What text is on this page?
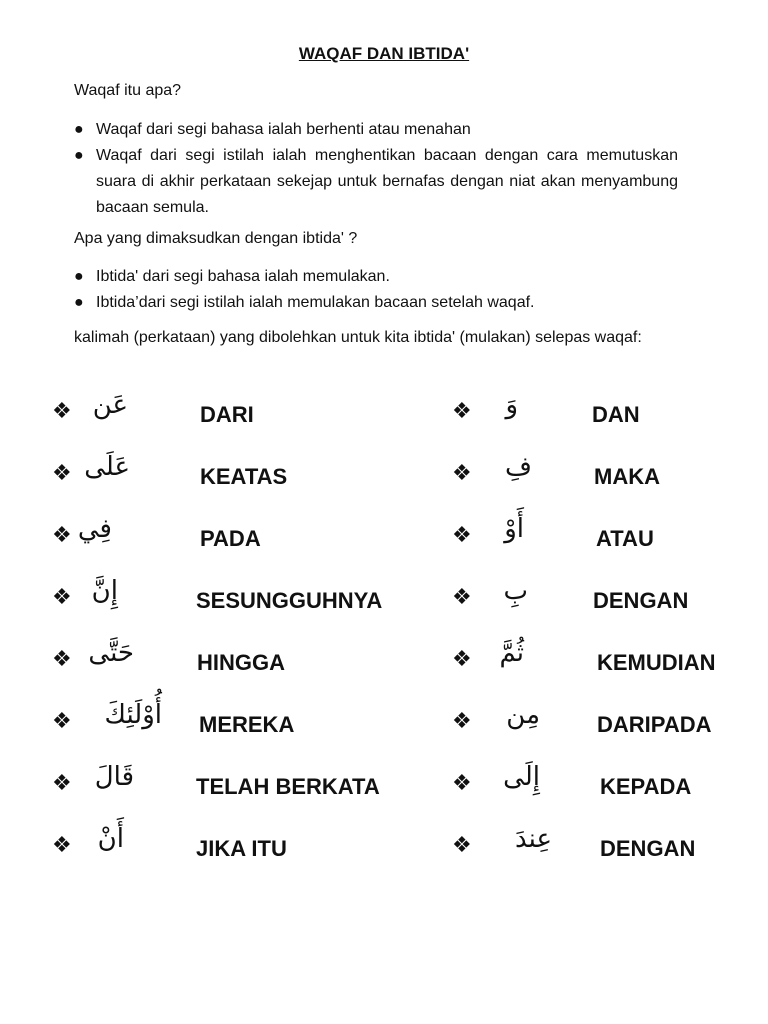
WAQAF DAN IBTIDA'
Waqaf itu apa?
● Waqaf dari segi bahasa ialah berhenti atau menahan
● Waqaf dari segi istilah ialah menghentikan bacaan dengan cara memutuskan suara di akhir perkataan sekejap untuk bernafas dengan niat akan menyambung bacaan semula.
Apa yang dimaksudkan dengan ibtida' ?
● Ibtida' dari segi bahasa ialah memulakan.
● Ibtida’dari segi istilah ialah memulakan bacaan setelah waqaf.
kalimah (perkataan) yang dibolehkan untuk kita ibtida' (mulakan) selepas waqaf:
❖ عَن	DARI	❖ وَ	DAN
❖ عَلَى	KEATAS	❖ فِ	MAKA
❖ فِي	PADA	❖ أَوْ	ATAU
❖ إِنَّ	SESUNGGUHNYA	❖ بِ	DENGAN
❖ حَتَّى	HINGGA	❖ ثُمَّ	KEMUDIAN
❖ أُوْلَئِكَ MEREKA	❖ مِن	DARIPADA
❖ قَالَ	TELAH BERKATA	❖ إِلَى	KEPADA
❖ أَنْ	JIKA ITU	❖ عِندَ DENGAN
